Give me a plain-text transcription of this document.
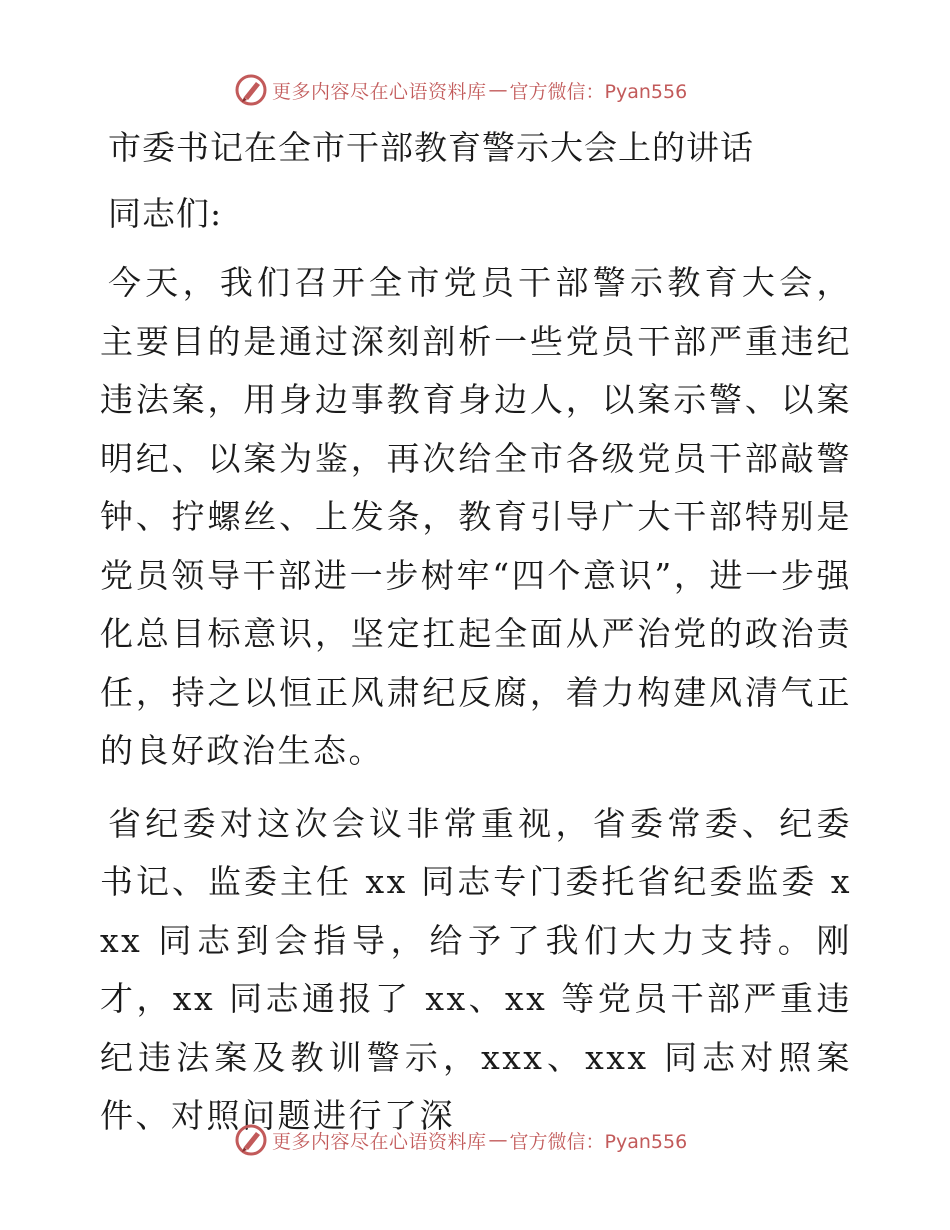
更多内容尽在心语资料库 — 官方微信：Pyan556
市委书记在全市干部教育警示大会上的讲话
同志们:

今天，我们召开全市党员干部警示教育大会，主要目的是通过深刻剖析一些党员干部严重违纪违法案，用身边事教育身边人，以案示警、以案明纪、以案为鉴，再次给全市各级党员干部敲警钟、拧螺丝、上发条，教育引导广大干部特别是党员领导干部进一步树牢“四个意识”，进一步强化总目标意识，坚定扛起全面从严治党的政治责任，持之以恒正风肃纪反腐，着力构建风清气正的良好政治生态。

省纪委对这次会议非常重视，省委常委、纪委书记、监委主任 xx 同志专门委托省纪委监委 xxx 同志到会指导，给予了我们大力支持。刚才，xx 同志通报了 xx、xx 等党员干部严重违纪违法案及教训警示，xxx、xxx 同志对照案件、对照问题进行了深

更多内容尽在心语资料库 — 官方微信：Pyan556
